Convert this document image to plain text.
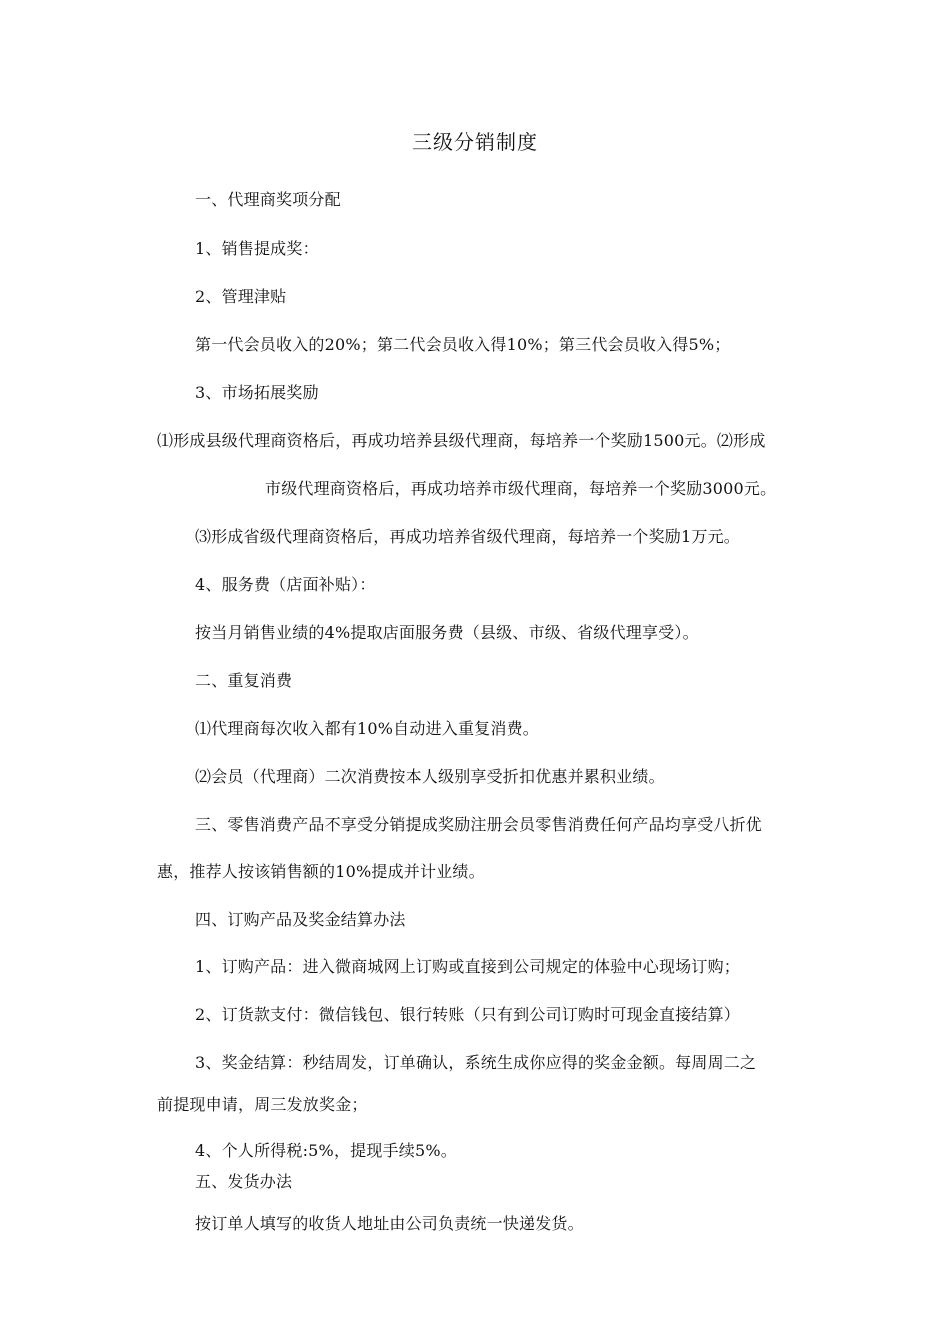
三级分销制度
一、代理商奖项分配
1、销售提成奖：
2、管理津贴
第一代会员收入的20%；第二代会员收入得10%；第三代会员收入得5%；
3、市场拓展奖励
⑴形成县级代理商资格后，再成功培养县级代理商，每培养一个奖励1500元。⑵形成
市级代理商资格后，再成功培养市级代理商，每培养一个奖励3000元。
⑶形成省级代理商资格后，再成功培养省级代理商，每培养一个奖励1万元。
4、服务费（店面补贴）：
按当月销售业绩的4%提取店面服务费（县级、市级、省级代理享受）。
二、重复消费
⑴代理商每次收入都有10%自动进入重复消费。
⑵会员（代理商）二次消费按本人级别享受折扣优惠并累积业绩。
三、零售消费产品不享受分销提成奖励注册会员零售消费任何产品均享受八折优
惠，推荐人按该销售额的10%提成并计业绩。
四、订购产品及奖金结算办法
1、订购产品：进入微商城网上订购或直接到公司规定的体验中心现场订购；
2、订货款支付：微信钱包、银行转账（只有到公司订购时可现金直接结算）
3、奖金结算：秒结周发，订单确认，系统生成你应得的奖金金额。每周周二之
前提现申请，周三发放奖金；
4、个人所得税:5%，提现手续5%。
五、发货办法
按订单人填写的收货人地址由公司负责统一快递发货。
